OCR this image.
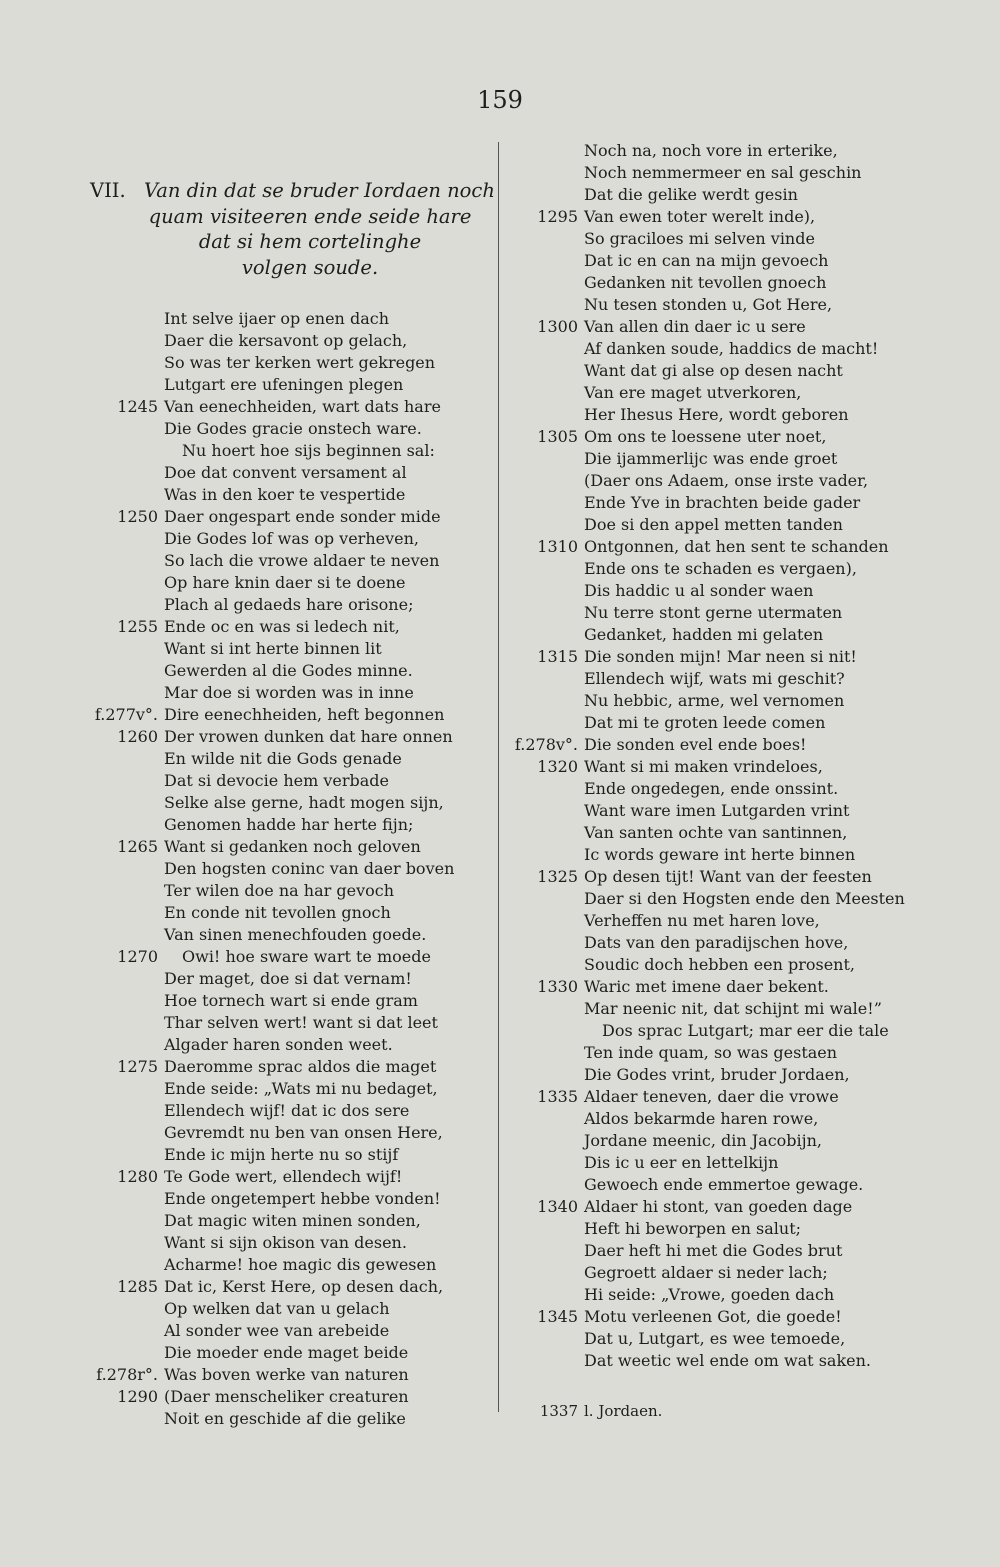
159
VII. Van din dat se bruder Iordaen noch
quam visiteeren ende seide hare
dat si hem cortelinghe
volgen soude.
Int selve ijaer op enen dach
Daer die kersavont op gelach,
So was ter kerken wert gekregen
Lutgart ere ufeningen plegen
1245 Van eenechheiden, wart dats hare
Die Godes gracie onstech ware.
Nu hoert hoe sijs beginnen sal:
Doe dat convent versament al
Was in den koer te vespertide
1250 Daer ongespart ende sonder mide
Die Godes lof was op verheven,
So lach die vrowe aldaer te neven
Op hare knin daer si te doene
Plach al gedaeds hare orisone;
1255 Ende oc en was si ledech nit,
Want si int herte binnen lit
Gewerden al die Godes minne.
Mar doe si worden was in inne
f.277v°. Dire eenechheiden, heft begonnen
1260 Der vrowen dunken dat hare onnen
En wilde nit die Gods genade
Dat si devocie hem verbade
Selke alse gerne, hadt mogen sijn,
Genomen hadde har herte fijn;
1265 Want si gedanken noch geloven
Den hogsten coninc van daer boven
Ter wilen doe na har gevoch
En conde nit tevollen gnoch
Van sinen menechfouden goede.
1270	Owi! hoe sware wart te moede
Der maget, doe si dat vernam!
Hoe tornech wart si ende gram
Thar selven wert! want si dat leet
Algader haren sonden weet.
1275 Daeromme sprac aldos die maget
Ende seide: „Wats mi nu bedaget,
Ellendech wijf! dat ic dos sere
Gevremdt nu ben van onsen Here,
Ende ic mijn herte nu so stijf
1280 Te Gode wert, ellendech wijf!
Ende ongetempert hebbe vonden!
Dat magic witen minen sonden,
Want si sijn okison van desen.
Acharme! hoe magic dis gewesen
1285 Dat ic, Kerst Here, op desen dach,
Op welken dat van u gelach
Al sonder wee van arebeide
Die moeder ende maget beide
f.278r°. Was boven werke van naturen
1290 (Daer menscheliker creaturen
Noit en geschide af die gelike
Noch na, noch vore in erterike,
Noch nemmermeer en sal geschin
Dat die gelike werdt gesin
1295 Van ewen toter werelt inde),
So graciloes mi selven vinde
Dat ic en can na mijn gevoech
Gedanken nit tevollen gnoech
Nu tesen stonden u, Got Here,
1300 Van allen din daer ic u sere
Af danken soude, haddics de macht!
Want dat gi alse op desen nacht
Van ere maget utverkoren,
Her Ihesus Here, wordt geboren
1305 Om ons te loessene uter noet,
Die ijammerlijc was ende groet
(Daer ons Adaem, onse irste vader,
Ende Yve in brachten beide gader
Doe si den appel metten tanden
1310 Ontgonnen, dat hen sent te schanden
Ende ons te schaden es vergaen),
Dis haddic u al sonder waen
Nu terre stont gerne utermaten
Gedanket, hadden mi gelaten
1315 Die sonden mijn! Mar neen si nit!
Ellendech wijf, wats mi geschit?
Nu hebbic, arme, wel vernomen
Dat mi te groten leede comen
f.278v°. Die sonden evel ende boes!
1320 Want si mi maken vrindeloes,
Ende ongedegen, ende onssint.
Want ware imen Lutgarden vrint
Van santen ochte van santinnen,
Ic words geware int herte binnen
1325 Op desen tijt! Want van der feesten
Daer si den Hogsten ende den Meesten
Verheffen nu met haren love,
Dats van den paradijschen hove,
Soudic doch hebben een prosent,
1330 Waric met imene daer bekent.
Mar neenic nit, dat schijnt mi wale!”
Dos sprac Lutgart; mar eer die tale
Ten inde quam, so was gestaen
Die Godes vrint, bruder Jordaen,
1335 Aldaer teneven, daer die vrowe
Aldos bekarmde haren rowe,
Jordane meenic, din Jacobijn,
Dis ic u eer en lettelkijn
Gewoech ende emmertoe gewage.
1340 Aldaer hi stont, van goeden dage
Heft hi beworpen en salut;
Daer heft hi met die Godes brut
Gegroett aldaer si neder lach;
Hi seide: „Vrowe, goeden dach
1345 Motu verleenen Got, die goede!
Dat u, Lutgart, es wee temoede,
Dat weetic wel ende om wat saken.
1337 l. Jordaen.
